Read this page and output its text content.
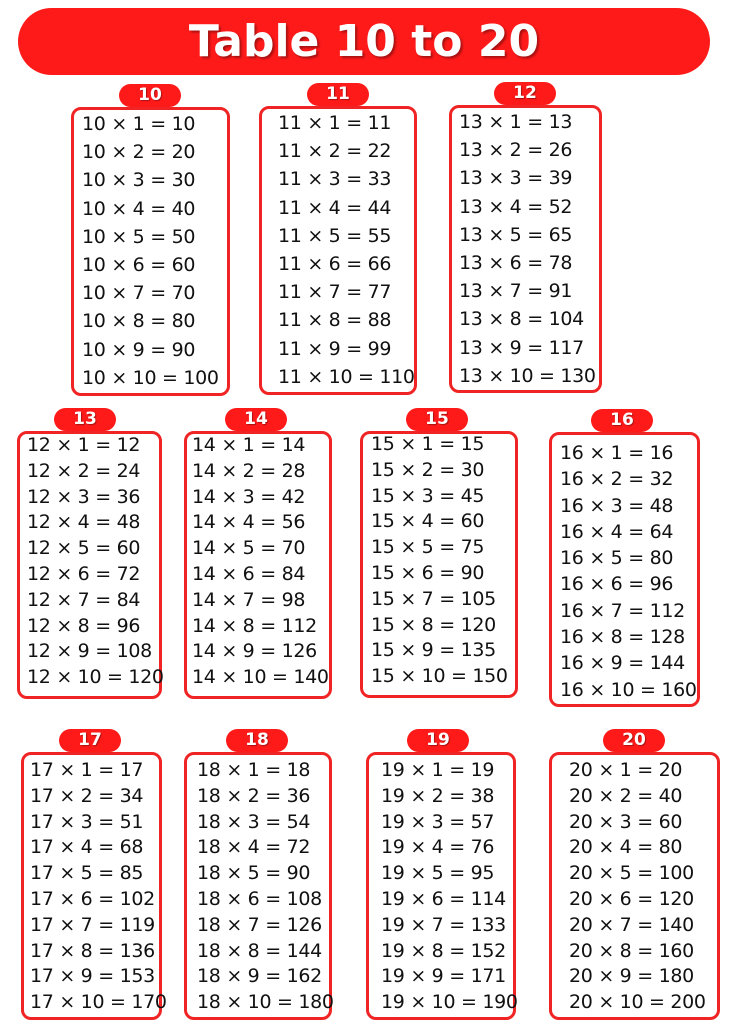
Table 10 to 20
10
10 × 1 = 10
10 × 2 = 20
10 × 3 = 30
10 × 4 = 40
10 × 5 = 50
10 × 6 = 60
10 × 7 = 70
10 × 8 = 80
10 × 9 = 90
10 × 10 = 100
11
11 × 1 = 11
11 × 2 = 22
11 × 3 = 33
11 × 4 = 44
11 × 5 = 55
11 × 6 = 66
11 × 7 = 77
11 × 8 = 88
11 × 9 = 99
11 × 10 = 110
12
13 × 1 = 13
13 × 2 = 26
13 × 3 = 39
13 × 4 = 52
13 × 5 = 65
13 × 6 = 78
13 × 7 = 91
13 × 8 = 104
13 × 9 = 117
13 × 10 = 130
13
12 × 1 = 12
12 × 2 = 24
12 × 3 = 36
12 × 4 = 48
12 × 5 = 60
12 × 6 = 72
12 × 7 = 84
12 × 8 = 96
12 × 9 = 108
12 × 10 = 120
14
14 × 1 = 14
14 × 2 = 28
14 × 3 = 42
14 × 4 = 56
14 × 5 = 70
14 × 6 = 84
14 × 7 = 98
14 × 8 = 112
14 × 9 = 126
14 × 10 = 140
15
15 × 1 = 15
15 × 2 = 30
15 × 3 = 45
15 × 4 = 60
15 × 5 = 75
15 × 6 = 90
15 × 7 = 105
15 × 8 = 120
15 × 9 = 135
15 × 10 = 150
16
16 × 1 = 16
16 × 2 = 32
16 × 3 = 48
16 × 4 = 64
16 × 5 = 80
16 × 6 = 96
16 × 7 = 112
16 × 8 = 128
16 × 9 = 144
16 × 10 = 160
17
17 × 1 = 17
17 × 2 = 34
17 × 3 = 51
17 × 4 = 68
17 × 5 = 85
17 × 6 = 102
17 × 7 = 119
17 × 8 = 136
17 × 9 = 153
17 × 10 = 170
18
18 × 1 = 18
18 × 2 = 36
18 × 3 = 54
18 × 4 = 72
18 × 5 = 90
18 × 6 = 108
18 × 7 = 126
18 × 8 = 144
18 × 9 = 162
18 × 10 = 180
19
19 × 1 = 19
19 × 2 = 38
19 × 3 = 57
19 × 4 = 76
19 × 5 = 95
19 × 6 = 114
19 × 7 = 133
19 × 8 = 152
19 × 9 = 171
19 × 10 = 190
20
20 × 1 = 20
20 × 2 = 40
20 × 3 = 60
20 × 4 = 80
20 × 5 = 100
20 × 6 = 120
20 × 7 = 140
20 × 8 = 160
20 × 9 = 180
20 × 10 = 200
